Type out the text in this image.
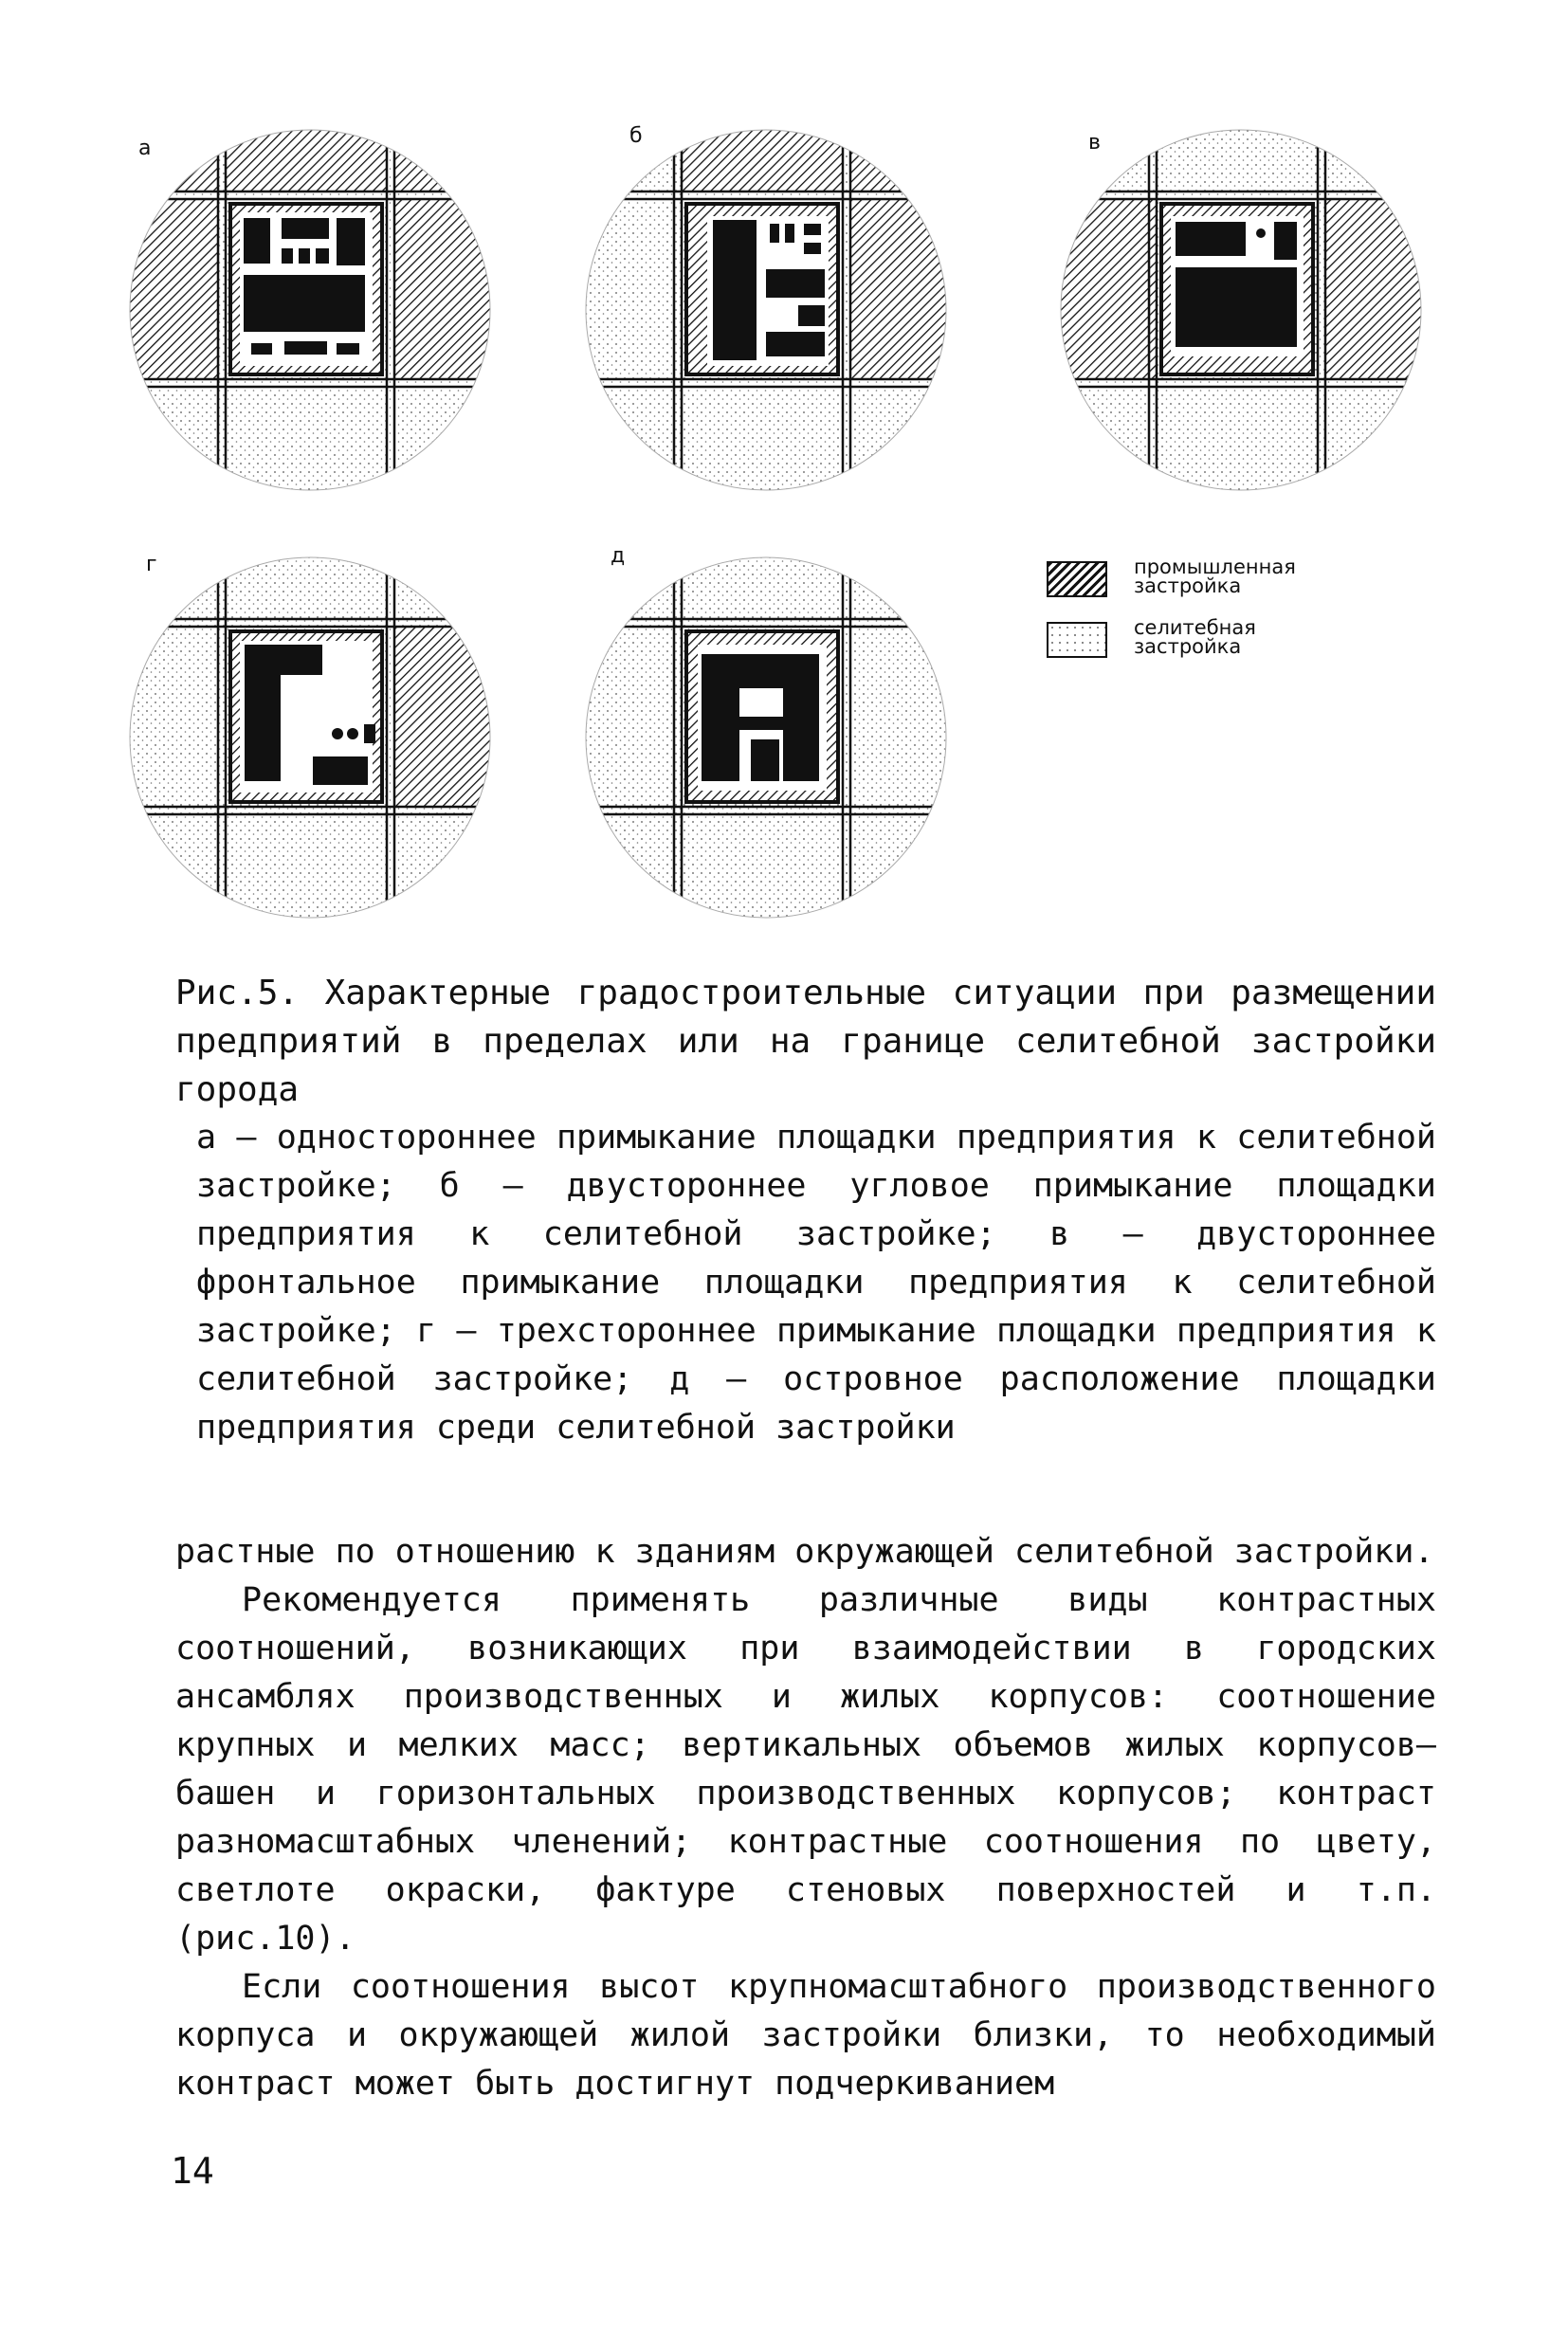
а
б	в
г	д	промышленная застройка
селитебная застройка

Рис.5. Характерные градостроительные ситуации при размещении предприятий в пределах или на границе селитебной застройки города

а – одностороннее примыкание площадки предприятия к селитебной застройке; б – двустороннее угловое примыкание площадки предприятия к селитебной застройке; в – двустороннее фронтальное примыкание площадки предприятия к селитебной застройке; г – трехстороннее примыкание площадки предприятия к селитебной застройке; д – островное расположение площадки предприятия среди селитебной застройки

растные по отношению к зданиям окружающей селитебной застройки.

Рекомендуется применять различные виды контрастных соотношений, возникающих при взаимодействии в городских ансамблях производственных и жилых корпусов: соотношение крупных и мелких масс; вертикальных объемов жилых корпусов–башен и горизонтальных производственных корпусов; контраст разномасштабных членений; контрастные соотношения по цвету, светлоте окраски, фактуре стеновых поверхностей и т.п. (рис.10).

Если соотношения высот крупномасштабного производственного корпуса и окружающей жилой застройки близки, то необходимый контраст может быть достигнут подчеркиванием

14
